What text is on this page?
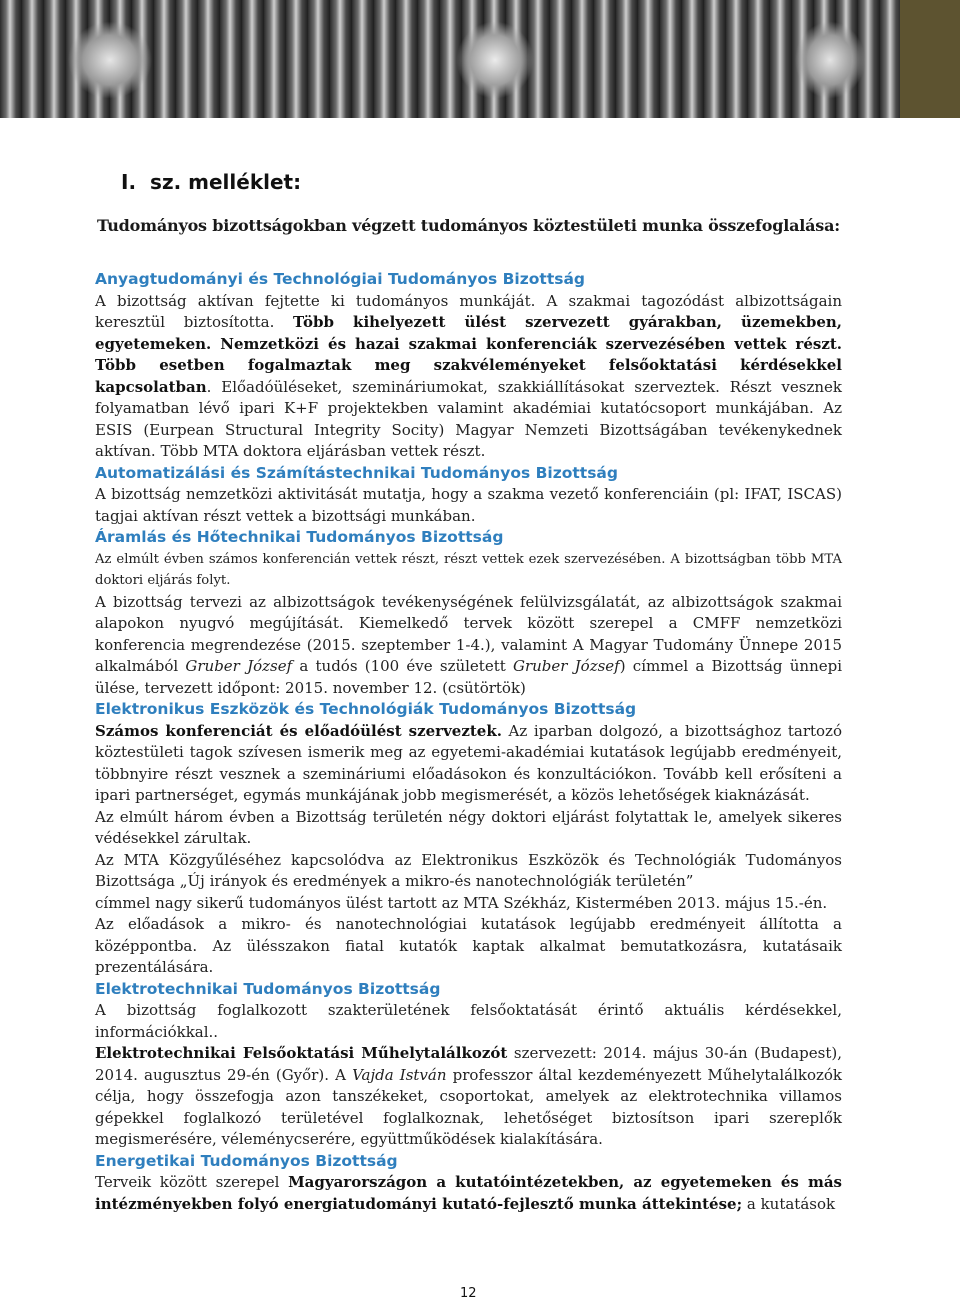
I. sz. melléklet:

Tudományos bizottságokban végzett tudományos köztestületi munka összefoglalása:

Anyagtudományi és Technológiai Tudományos Bizottság

A bizottság aktívan fejtette ki tudományos munkáját. A szakmai tagozódást albizottságain keresztül biztosította. Több kihelyezett ülést szervezett gyárakban, üzemekben, egyetemeken. Nemzetközi és hazai szakmai konferenciák szervezésében vettek részt. Több esetben fogalmaztak meg szakvéleményeket felsőoktatási kérdésekkel kapcsolatban. Előadóüléseket, szemináriumokat, szakkiállításokat szerveztek. Részt vesznek folyamatban lévő ipari K+F projektekben valamint akadémiai kutatócsoport munkájában. Az ESIS (Eurpean Structural Integrity Socity) Magyar Nemzeti Bizottságában tevékenykednek aktívan. Több MTA doktora eljárásban vettek részt.

Automatizálási és Számítástechnikai Tudományos Bizottság

A bizottság nemzetközi aktivitását mutatja, hogy a szakma vezető konferenciáin (pl: IFAT, ISCAS) tagjai aktívan részt vettek a bizottsági munkában.

Áramlás és Hőtechnikai Tudományos Bizottság

Az elmúlt évben számos konferencián vettek részt, részt vettek ezek szervezésében. A bizottságban több MTA doktori eljárás folyt.

A bizottság tervezi az albizottságok tevékenységének felülvizsgálatát, az albizottságok szakmai alapokon nyugvó megújítását. Kiemelkedő tervek között szerepel a CMFF nemzetközi konferencia megrendezése (2015. szeptember 1-4.), valamint A Magyar Tudomány Ünnepe 2015 alkalmából Gruber József a tudós (100 éve született Gruber József) címmel a Bizottság ünnepi ülése, tervezett időpont: 2015. november 12. (csütörtök)

Elektronikus Eszközök és Technológiák Tudományos Bizottság

Számos konferenciát és előadóülést szerveztek. Az iparban dolgozó, a bizottsághoz tartozó köztestületi tagok szívesen ismerik meg az egyetemi-akadémiai kutatások legújabb eredményeit, többnyire részt vesznek a szemináriumi előadásokon és konzultációkon. Tovább kell erősíteni a ipari partnerséget, egymás munkájának jobb megismerését, a közös lehetőségek kiaknázását.

Az elmúlt három évben a Bizottság területén négy doktori eljárást folytattak le, amelyek sikeres védésekkel zárultak.

Az MTA Közgyűléséhez kapcsolódva az Elektronikus Eszközök és Technológiák Tudományos Bizottsága „Új irányok és eredmények a mikro-és nanotechnológiák területén”

címmel nagy sikerű tudományos ülést tartott az MTA Székház, Kistermében 2013. május 15.-én.

Az előadások a mikro- és nanotechnológiai kutatások legújabb eredményeit állította a középpontba. Az ülésszakon fiatal kutatók kaptak alkalmat bemutatkozásra, kutatásaik prezentálására.

Elektrotechnikai Tudományos Bizottság

A bizottság foglalkozott szakterületének felsőoktatását érintő aktuális kérdésekkel, információkkal..

Elektrotechnikai Felsőoktatási Műhelytalálkozót szervezett: 2014. május 30-án (Budapest), 2014. augusztus 29-én (Győr). A Vajda István professzor által kezdeményezett Műhelytalálkozók célja, hogy összefogja azon tanszékeket, csoportokat, amelyek az elektrotechnika villamos gépekkel foglalkozó területével foglalkoznak, lehetőséget biztosítson ipari szereplők megismerésére, véleménycserére, együttműködések kialakítására.

Energetikai Tudományos Bizottság

Terveik között szerepel Magyarországon a kutatóintézetekben, az egyetemeken és más intézményekben folyó energiatudományi kutató-fejlesztő munka áttekintése; a kutatások

12
